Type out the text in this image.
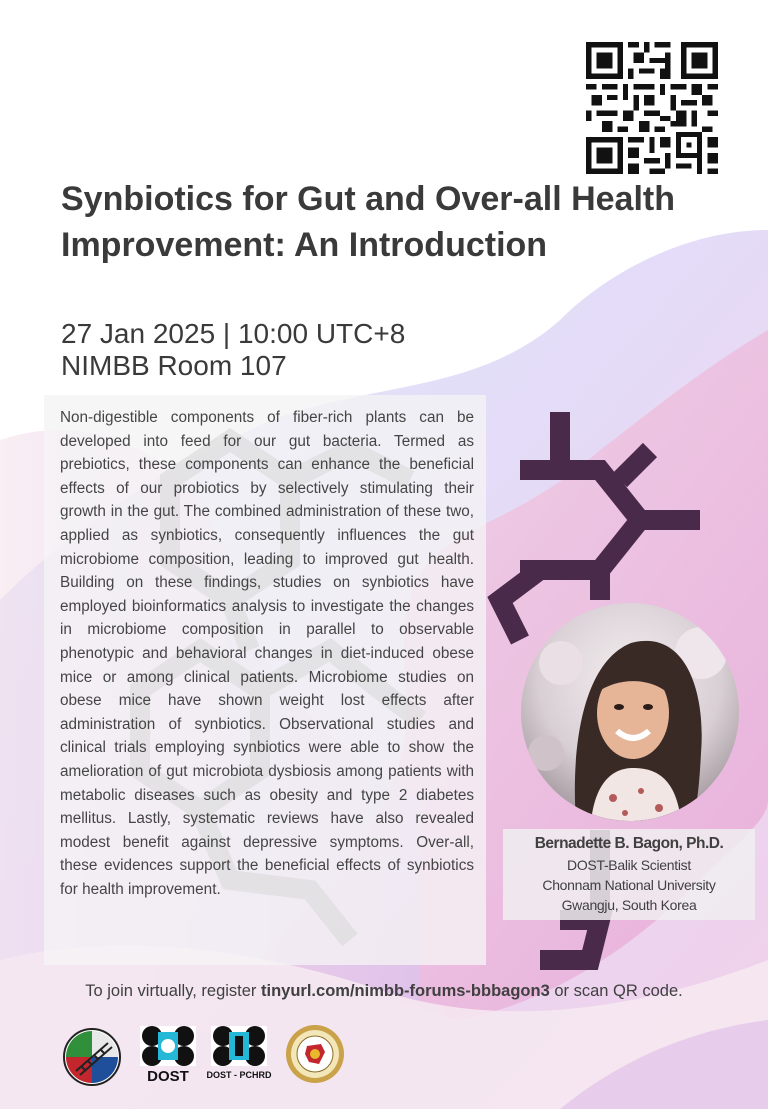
Synbiotics for Gut and Over-all Health Improvement: An Introduction

27 Jan 2025 | 10:00 UTC+8

NIMBB Room 107

Non-digestible components of fiber-rich plants can be developed into feed for our gut bacteria. Termed as prebiotics, these components can enhance the beneficial effects of our probiotics by selectively stimulating their growth in the gut. The combined administration of these two, applied as synbiotics, consequently influences the gut microbiome composition, leading to improved gut health. Building on these findings, studies on synbiotics have employed bioinformatics analysis to investigate the changes in microbiome composition in parallel to observable phenotypic and behavioral changes in diet-induced obese mice or among clinical patients. Microbiome studies on obese mice have shown weight lost effects after administration of synbiotics. Observational studies and clinical trials employing synbiotics were able to show the amelioration of gut microbiota dysbiosis among patients with metabolic diseases such as obesity and type 2 diabetes mellitus. Lastly, systematic reviews have also revealed modest benefit against depressive symptoms. Over-all, these evidences support the beneficial effects of synbiotics for health improvement.

Bernadette B. Bagon, Ph.D.

DOST-Balik Scientist

Chonnam National University

Gwangju, South Korea

To join virtually, register tinyurl.com/nimbb-forums-bbbagon3 or scan QR code.

DOST	DOST - PCHRD
